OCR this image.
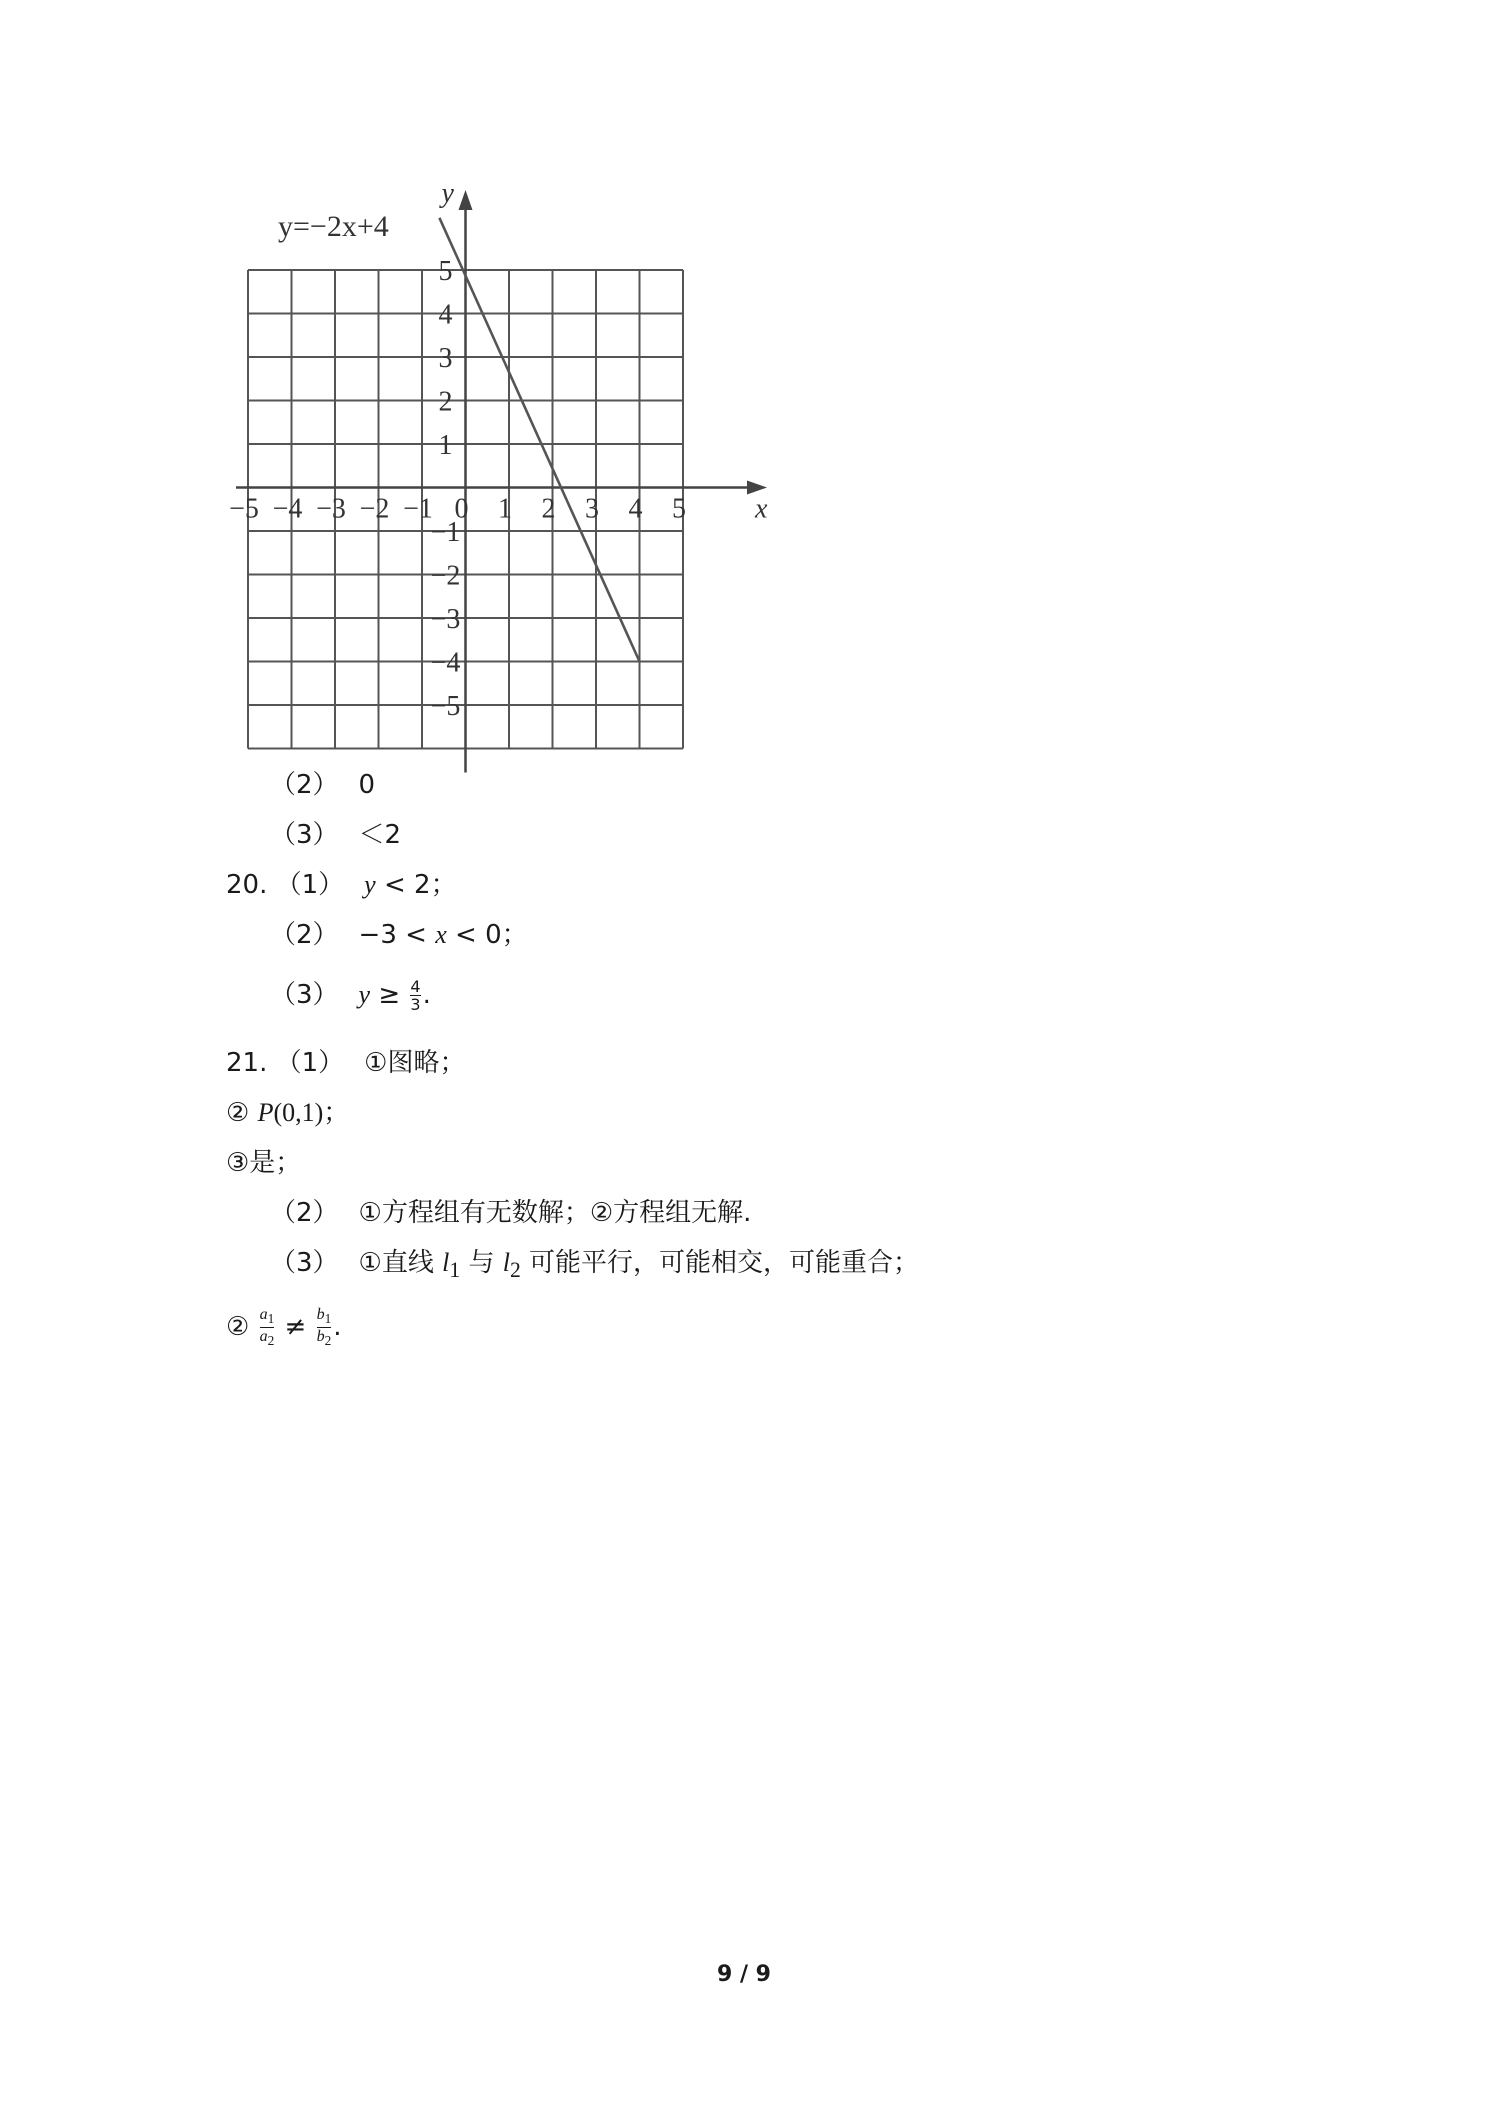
−5 −4 −3 −2 −1 0 1 2 3 4 5
5
4
3
2
1
−1
−2
−3
−4
−5
y=−2x+4
x
y
（2） 0
（3） ＜2
20. （1） y < 2；
（2） −3 < x < 0；
（3） $y \ge \frac{4}{3}$ .
21. （1） ①图略；
② P(0,1)；
③是；
（2） ①方程组有无数解；②方程组无解.
（3） ①直线 $l_1$ 与 $l_2$ 可能平行，可能相交，可能重合；
② $\frac{a_1}{a_2} \ne \frac{b_1}{b_2}$ .
9 / 9
